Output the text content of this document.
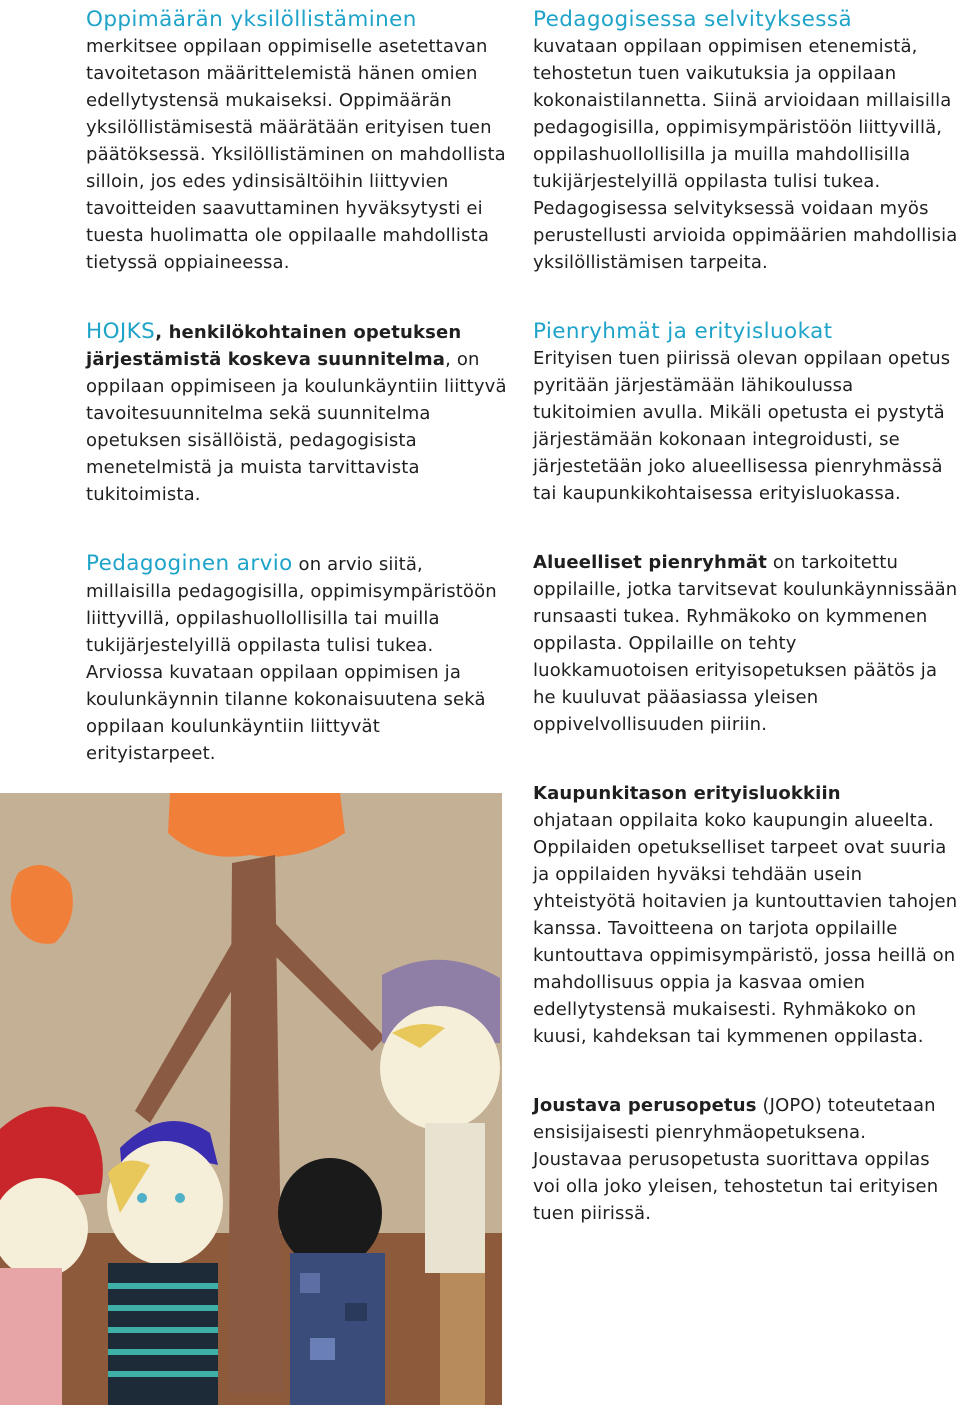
Oppimäärän yksilöllistäminen
merkitsee oppilaan oppimiselle asetettavan tavoitetason määrittelemistä hänen omien edellytystensä mukaiseksi. Oppimäärän yksilöllistämisestä määrätään erityisen tuen päätöksessä. Yksilöllistäminen on mahdollista silloin, jos edes ydinsisältöihin liittyvien tavoitteiden saavuttaminen hyväksytysti ei tuesta huolimatta ole oppilaalle mahdollista tietyssä oppiaineessa.

HOJKS, henkilökohtainen opetuksen järjestämistä koskeva suunnitelma, on oppilaan oppimiseen ja koulunkäyntiin liittyvä tavoitesuunnitelma sekä suunnitelma opetuksen sisällöistä, pedagogisista menetelmistä ja muista tarvittavista tukitoimista.

Pedagoginen arvio on arvio siitä, millaisilla pedagogisilla, oppimisympäristöön liittyvillä, oppilashuollollisilla tai muilla tukijärjestelyillä oppilasta tulisi tukea. Arviossa kuvataan oppilaan oppimisen ja koulunkäynnin tilanne kokonaisuutena sekä oppilaan koulunkäyntiin liittyvät erityistarpeet.

Pedagogisessa selvityksessä
kuvataan oppilaan oppimisen etenemistä, tehostetun tuen vaikutuksia ja oppilaan kokonaistilannetta. Siinä arvioidaan millaisilla pedagogisilla, oppimisympäristöön liittyvillä, oppilashuollollisilla ja muilla mahdollisilla tukijärjestelyillä oppilasta tulisi tukea. Pedagogisessa selvityksessä voidaan myös perustellusti arvioida oppimäärien mahdollisia yksilöllistämisen tarpeita.

Pienryhmät ja erityisluokat
Erityisen tuen piirissä olevan oppilaan opetus pyritään järjestämään lähikoulussa tukitoimien avulla. Mikäli opetusta ei pystytä järjestämään kokonaan integroidusti, se järjestetään joko alueellisessa pienryhmässä tai kaupunkikohtaisessa erityisluokassa.

Alueelliset pienryhmät on tarkoitettu oppilaille, jotka tarvitsevat koulunkäynnissään runsaasti tukea. Ryhmäkoko on kymmenen oppilasta. Oppilaille on tehty luokkamuotoisen erityisopetuksen päätös ja he kuuluvat pääasiassa yleisen oppivelvollisuuden piiriin.

Kaupunkitason erityisluokkiin
ohjataan oppilaita koko kaupungin alueelta. Oppilaiden opetukselliset tarpeet ovat suuria ja oppilaiden hyväksi tehdään usein yhteistyötä hoitavien ja kuntouttavien tahojen kanssa. Tavoitteena on tarjota oppilaille kuntouttava oppimisympäristö, jossa heillä on mahdollisuus oppia ja kasvaa omien edellytystensä mukaisesti. Ryhmäkoko on kuusi, kahdeksan tai kymmenen oppilasta.

Joustava perusopetus (JOPO) toteutetaan ensisijaisesti pienryhmäopetuksena. Joustavaa perusopetusta suorittava oppilas voi olla joko yleisen, tehostetun tai erityisen tuen piirissä.
